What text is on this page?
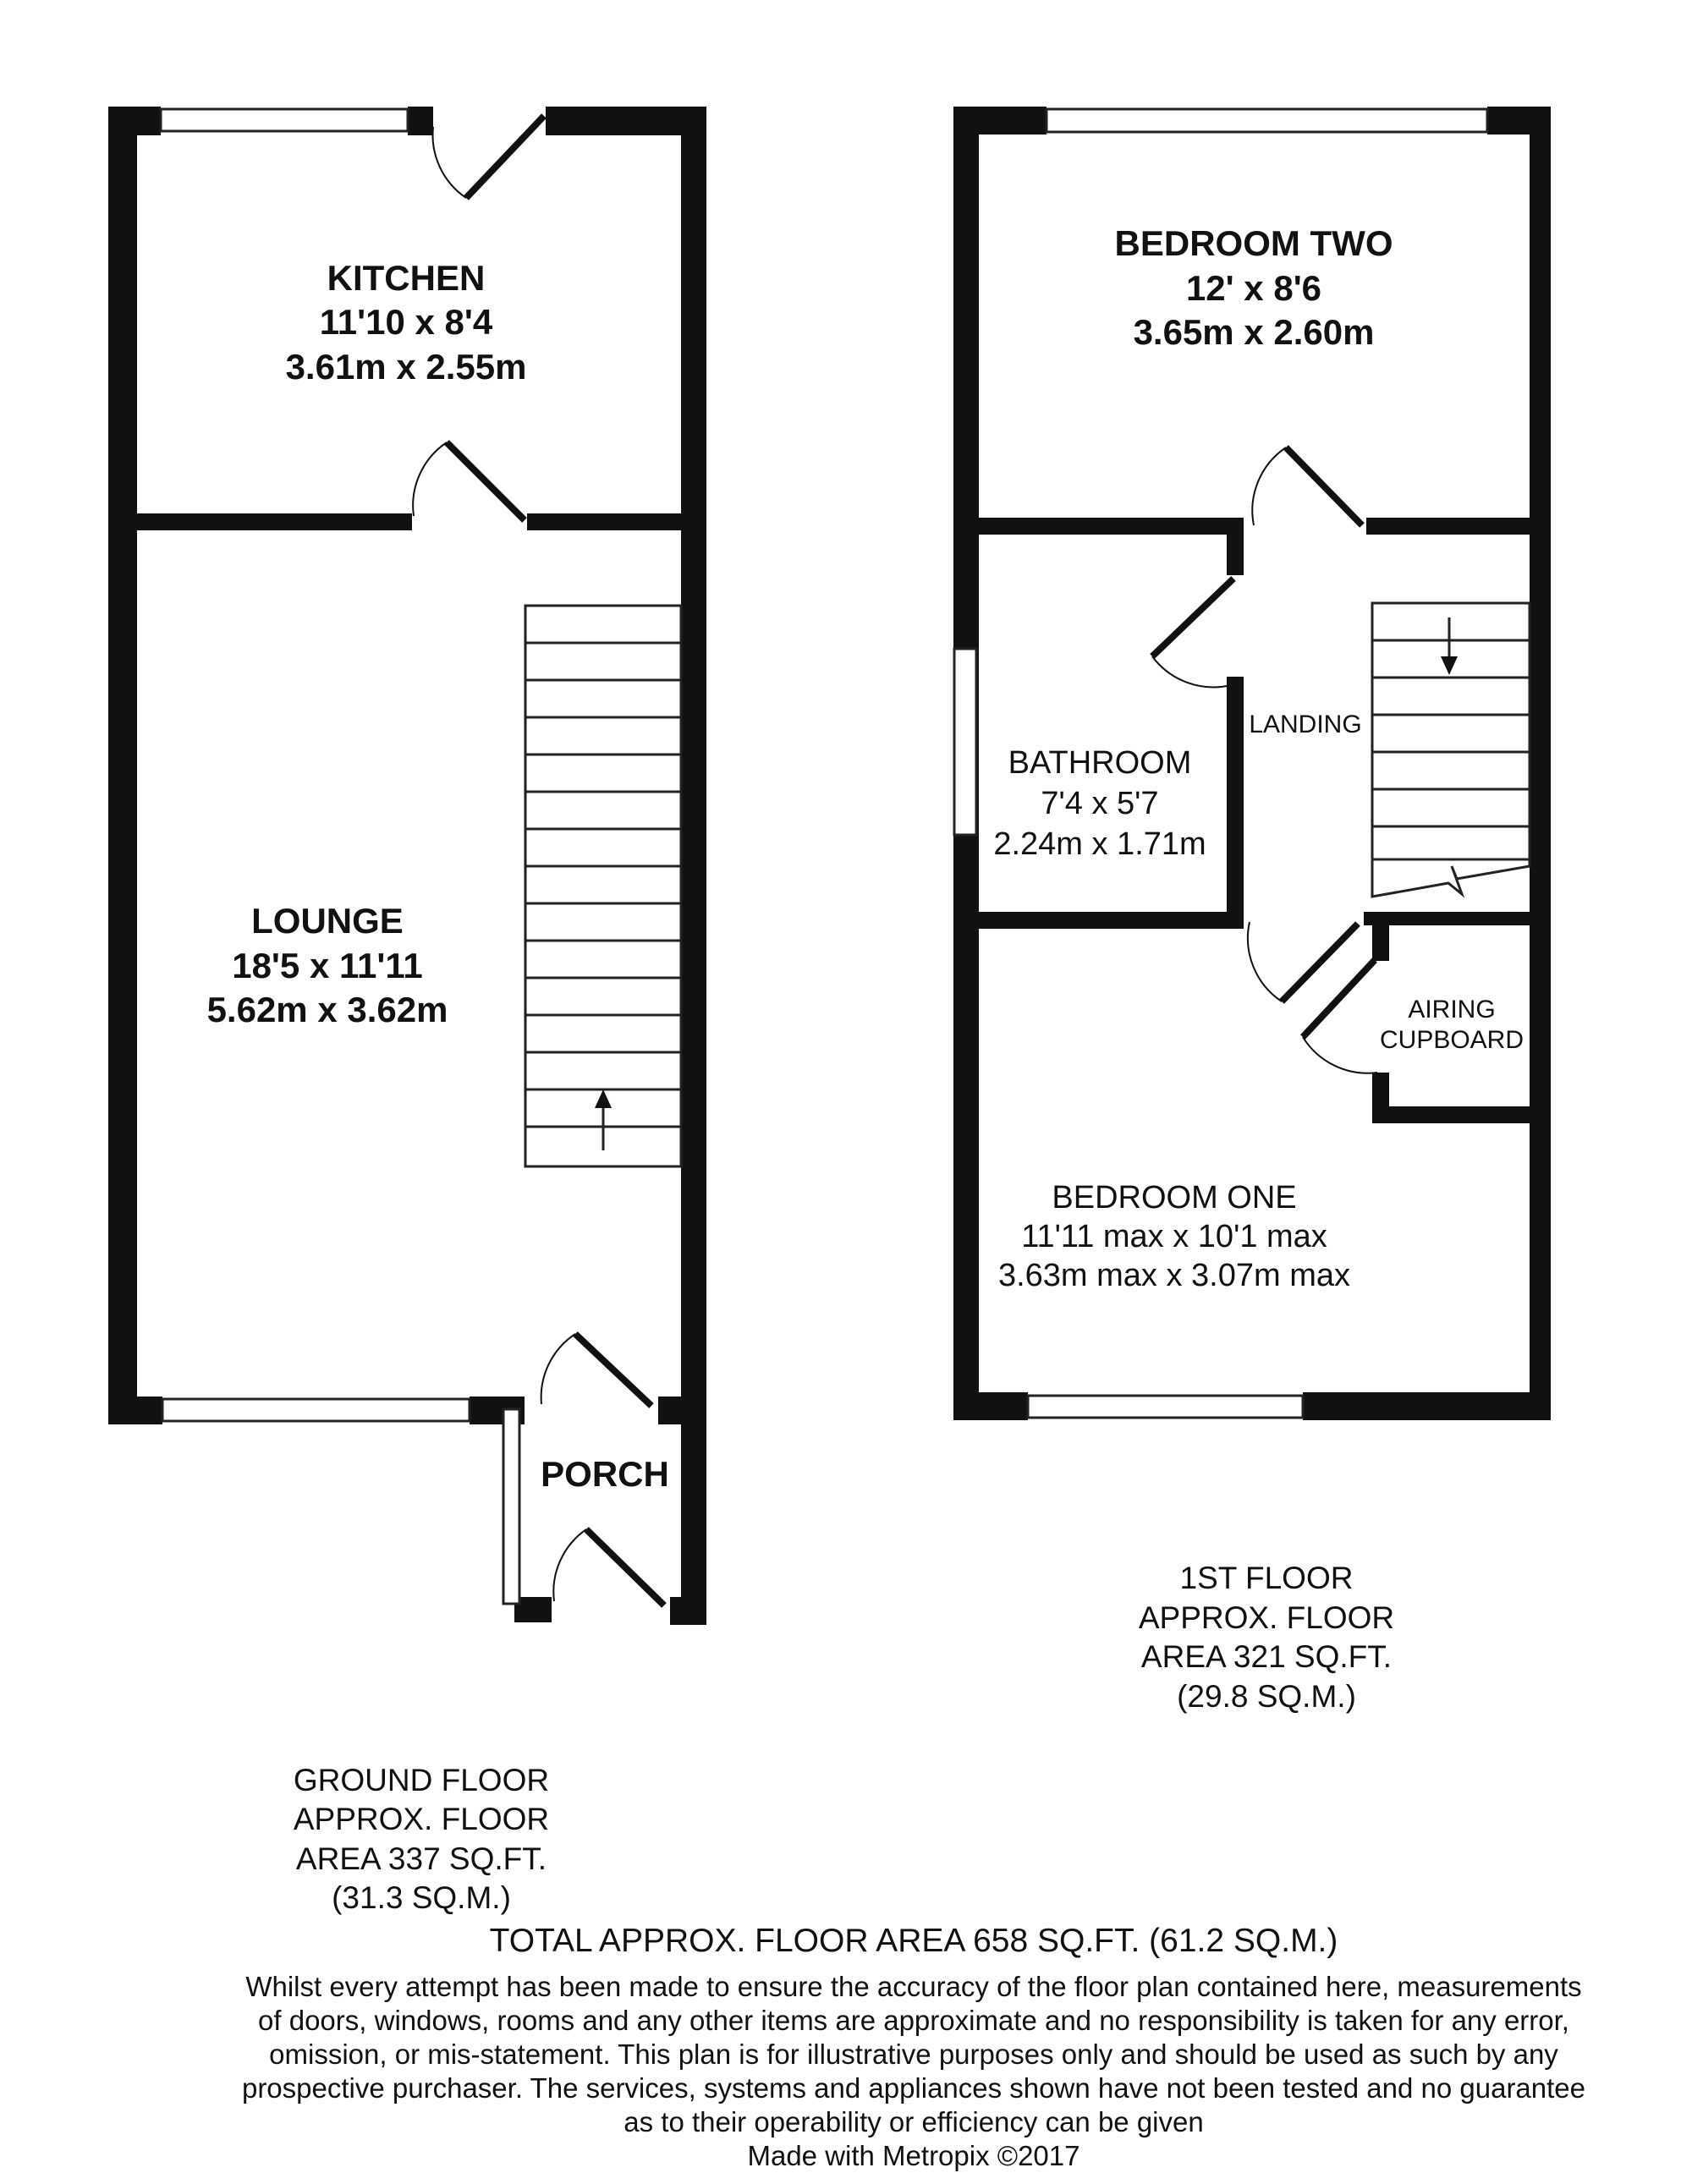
KITCHEN
11'10 x 8'4
3.61m x 2.55m
LOUNGE
18'5 x 11'11
5.62m x 3.62m
PORCH
BEDROOM TWO
12' x 8'6
3.65m x 2.60m
BATHROOM
7'4 x 5'7
2.24m x 1.71m
LANDING
AIRING
CUPBOARD
BEDROOM ONE
11'11 max x 10'1 max
3.63m max x 3.07m max
1ST FLOOR
APPROX. FLOOR
AREA 321 SQ.FT.
(29.8 SQ.M.)
GROUND FLOOR
APPROX. FLOOR
AREA 337 SQ.FT.
(31.3 SQ.M.)
TOTAL APPROX. FLOOR AREA 658 SQ.FT. (61.2 SQ.M.)
Whilst every attempt has been made to ensure the accuracy of the floor plan contained here, measurements
of doors, windows, rooms and any other items are approximate and no responsibility is taken for any error,
omission, or mis-statement. This plan is for illustrative purposes only and should be used as such by any
prospective purchaser. The services, systems and appliances shown have not been tested and no guarantee
as to their operability or efficiency can be given
Made with Metropix ©2017
